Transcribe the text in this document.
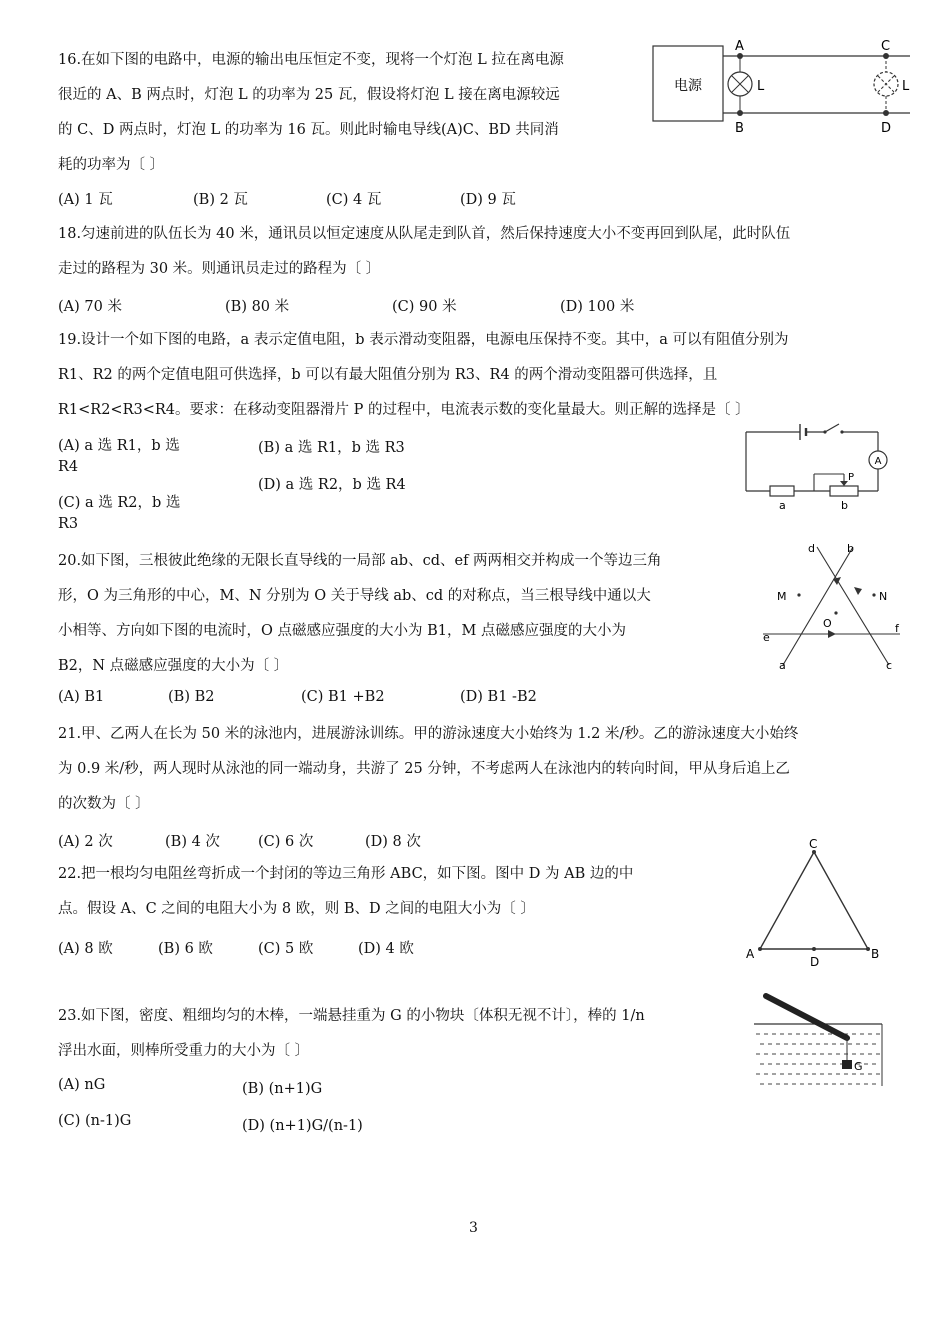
16.在如下图的电路中，电源的输出电压恒定不变，现将一个灯泡 L 拉在离电源
很近的 A、B 两点时，灯泡 L 的功率为 25 瓦，假设将灯泡 L 接在离电源较远
的 C、D 两点时，灯泡 L 的功率为 16 瓦。则此时输电导线(A)C、BD 共同消
耗的功率为〔 〕
(A) 1 瓦	(B) 2 瓦	(C) 4 瓦	(D) 9 瓦
电源
A
B
C
D
L	L
18.匀速前进的队伍长为 40 米，通讯员以恒定速度从队尾走到队首，然后保持速度大小不变再回到队尾，此时队伍
走过的路程为 30 米。则通讯员走过的路程为〔 〕
(A) 70 米	(B) 80 米	(C) 90 米	(D) 100 米
19.设计一个如下图的电路，a 表示定值电阻，b 表示滑动变阻器，电源电压保持不变。其中，a 可以有阻值分别为
R1、R2 的两个定值电阻可供选择，b 可以有最大阻值分别为 R3、R4 的两个滑动变阻器可供选择，且
R1<R2<R3<R4。要求：在移动变阻器滑片 P 的过程中，电流表示数的变化量最大。则正解的选择是〔 〕
(A) a 选 R1，b 选
R4
(B) a 选 R1，b 选 R3
(D) a 选 R2，b 选 R4
(C) a 选 R2，b 选
R3
A
P
a	b
20.如下图，三根彼此绝缘的无限长直导线的一局部 ab、cd、ef 两两相交并构成一个等边三角
形，O 为三角形的中心，M、N 分别为 O 关于导线 ab、cd 的对称点，当三根导线中通以大
小相等、方向如下图的电流时，O 点磁感应强度的大小为 B1，M 点磁感应强度的大小为
B2，N 点磁感应强度的大小为〔 〕
(A) B1	(B) B2	(C) B1 +B2	(D) B1 -B2
d	b
M	N
O
e
f
a	c
21.甲、乙两人在长为 50 米的泳池内，进展游泳训练。甲的游泳速度大小始终为 1.2 米/秒。乙的游泳速度大小始终
为 0.9 米/秒，两人现时从泳池的同一端动身，共游了 25 分钟，不考虑两人在泳池内的转向时间，甲从身后追上乙
的次数为〔 〕
(A) 2 次	(B) 4 次	(C) 6 次	(D) 8 次
22.把一根均匀电阻丝弯折成一个封闭的等边三角形 ABC，如下图。图中 D 为 AB 边的中
点。假设 A、C 之间的电阻大小为 8 欧，则 B、D 之间的电阻大小为〔 〕
(A) 8 欧	(B) 6 欧	(C) 5 欧	(D) 4 欧
C
A
D
B
23.如下图，密度、粗细均匀的木棒，一端悬挂重为 G 的小物块〔体积无视不计〕，棒的 1/n
浮出水面，则棒所受重力的大小为〔 〕
(A) nG	(B) (n+1)G
(C) (n-1)G	(D) (n+1)G/(n-1)
G
3
